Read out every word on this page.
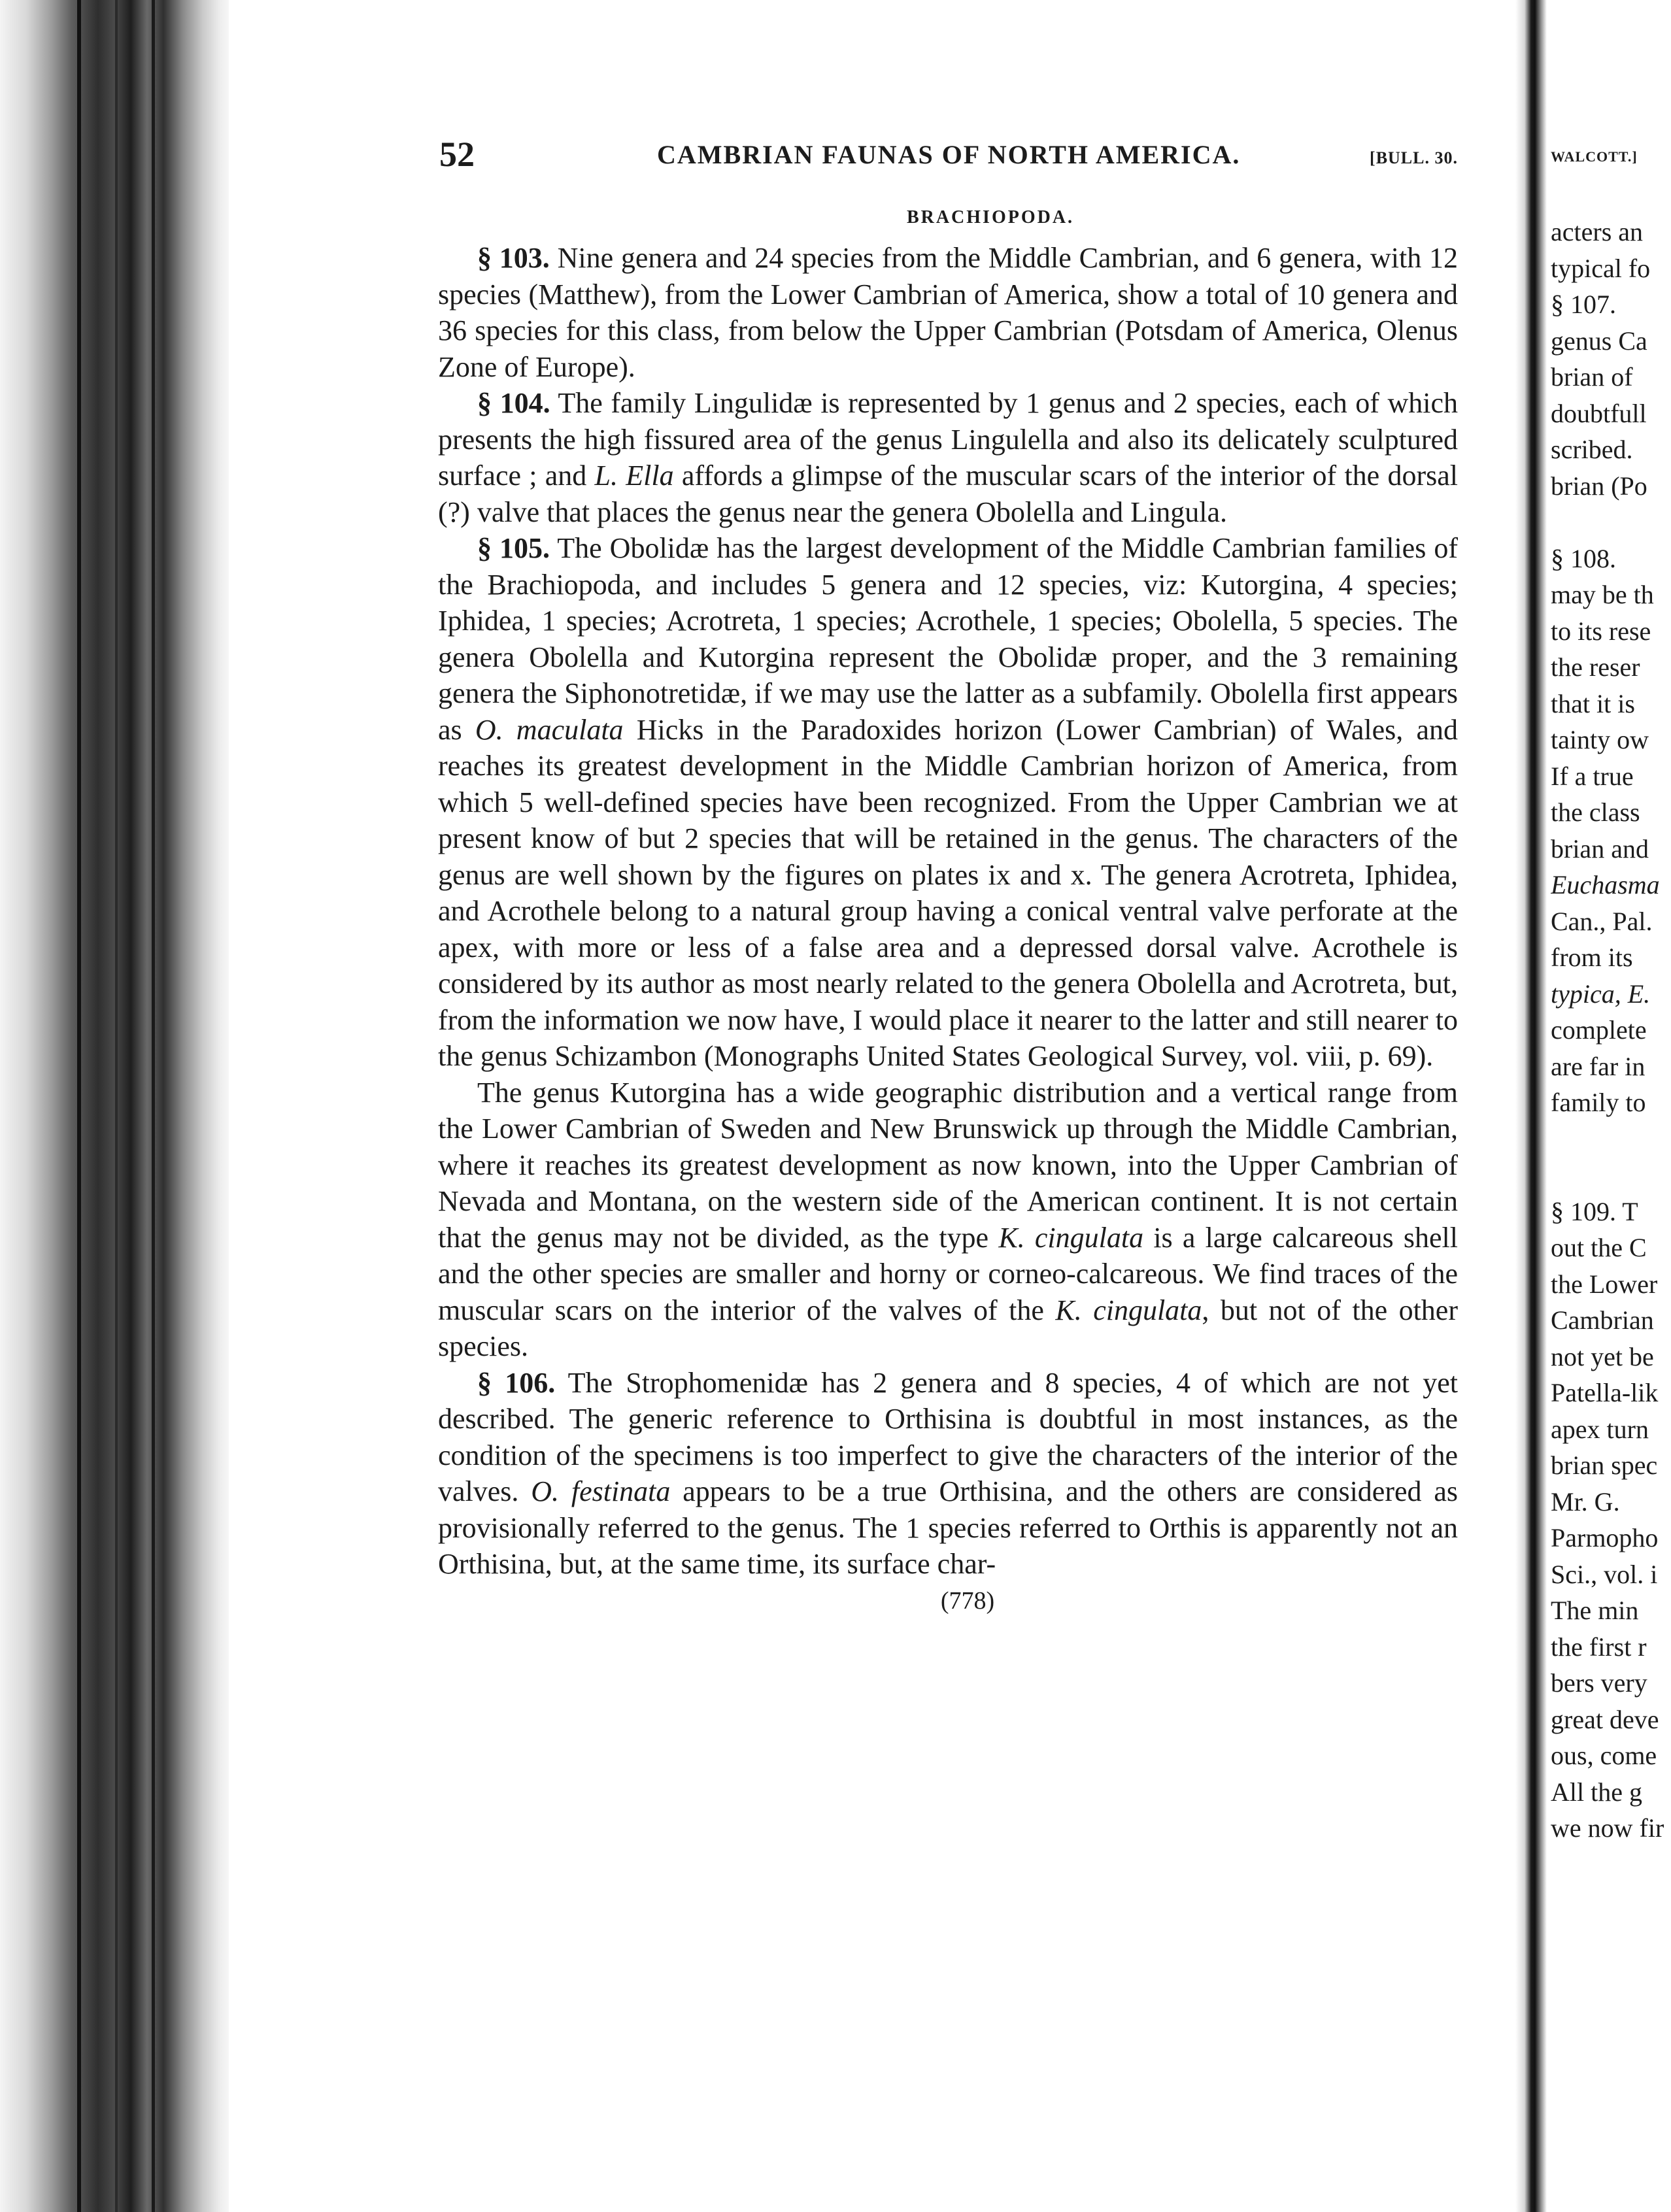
52	CAMBRIAN FAUNAS OF NORTH AMERICA.	[BULL. 30.
BRACHIOPODA.

§ 103. Nine genera and 24 species from the Middle Cambrian, and 6 genera, with 12 species (Matthew), from the Lower Cambrian of America, show a total of 10 genera and 36 species for this class, from below the Upper Cambrian (Potsdam of America, Olenus Zone of Europe).

§ 104. The family Lingulidæ is represented by 1 genus and 2 species, each of which presents the high fissured area of the genus Lingulella and also its delicately sculptured surface ; and L. Ella affords a glimpse of the muscular scars of the interior of the dorsal (?) valve that places the genus near the genera Obolella and Lingula.

§ 105. The Obolidæ has the largest development of the Middle Cambrian families of the Brachiopoda, and includes 5 genera and 12 species, viz: Kutorgina, 4 species; Iphidea, 1 species; Acrotreta, 1 species; Acrothele, 1 species; Obolella, 5 species. The genera Obolella and Kutorgina represent the Obolidæ proper, and the 3 remaining genera the Siphonotretidæ, if we may use the latter as a subfamily. Obolella first appears as O. maculata Hicks in the Paradoxides horizon (Lower Cambrian) of Wales, and reaches its greatest development in the Middle Cambrian horizon of America, from which 5 well-defined species have been recognized. From the Upper Cambrian we at present know of but 2 species that will be retained in the genus. The characters of the genus are well shown by the figures on plates ix and x. The genera Acrotreta, Iphidea, and Acrothele belong to a natural group having a conical ventral valve perforate at the apex, with more or less of a false area and a depressed dorsal valve. Acrothele is considered by its author as most nearly related to the genera Obolella and Acrotreta, but, from the information we now have, I would place it nearer to the latter and still nearer to the genus Schizambon (Monographs United States Geological Survey, vol. viii, p. 69).

The genus Kutorgina has a wide geographic distribution and a vertical range from the Lower Cambrian of Sweden and New Brunswick up through the Middle Cambrian, where it reaches its greatest development as now known, into the Upper Cambrian of Nevada and Montana, on the western side of the American continent. It is not certain that the genus may not be divided, as the type K. cingulata is a large calcareous shell and the other species are smaller and horny or corneo-calcareous. We find traces of the muscular scars on the interior of the valves of the K. cingulata, but not of the other species.

§ 106. The Strophomenidæ has 2 genera and 8 species, 4 of which are not yet described. The generic reference to Orthisina is doubtful in most instances, as the condition of the specimens is too imperfect to give the characters of the interior of the valves. O. festinata appears to be a true Orthisina, and the others are considered as provisionally referred to the genus. The 1 species referred to Orthis is apparently not an Orthisina, but, at the same time, its surface char-

(778)
WALCOTT.]
acters an
typical fo
§ 107.
genus Ca
brian of
doubtfull
scribed.
brian (Po
§ 108.
may be th
to its rese
the reser
that it is
tainty ow
If a true
the class
brian and
Euchasma
Can., Pal.
from its
typica, E.
complete
are far in
family to
§ 109. T
out the C
the Lower
Cambrian
not yet be
Patella-lik
apex turn
brian spec
Mr. G.
Parmopho
Sci., vol. i
The min
the first r
bers very
great deve
ous, come
All the g
we now fir
